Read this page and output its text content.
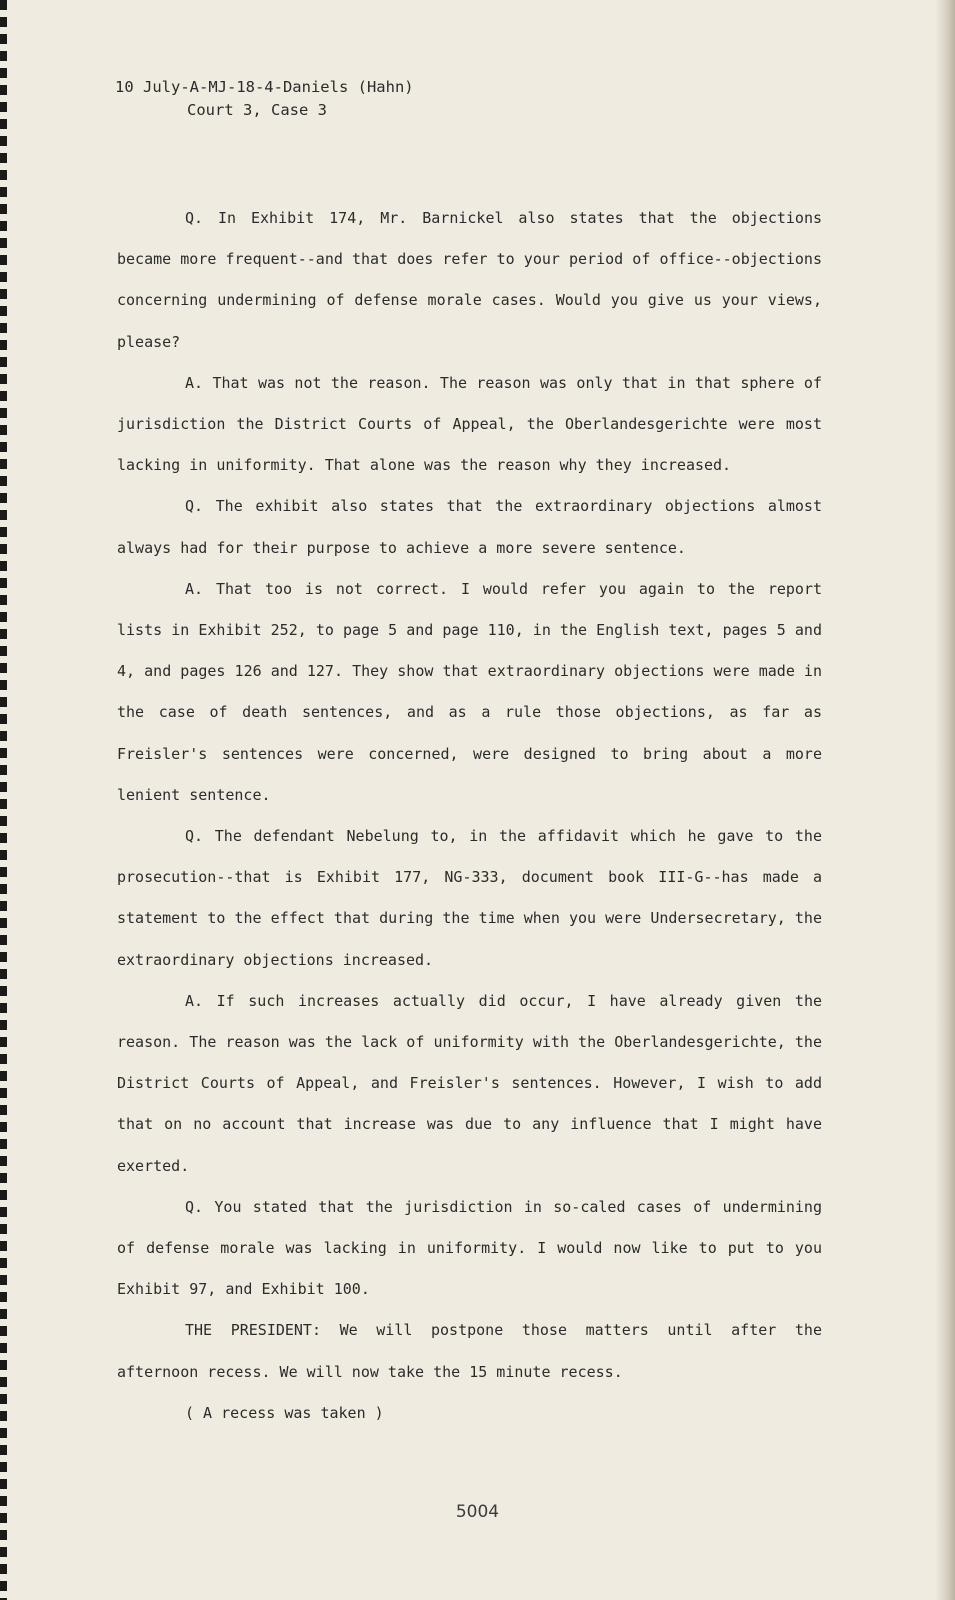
10 July-A-MJ-18-4-Daniels (Hahn)
Court 3, Case 3

Q. In Exhibit 174, Mr. Barnickel also states that the objections became more frequent--and that does refer to your period of office--objections concerning undermining of defense morale cases. Would you give us your views, please?

A. That was not the reason. The reason was only that in that sphere of jurisdiction the District Courts of Appeal, the Oberlandesgerichte were most lacking in uniformity. That alone was the reason why they increased.

Q. The exhibit also states that the extraordinary objections almost always had for their purpose to achieve a more severe sentence.

A. That too is not correct. I would refer you again to the report lists in Exhibit 252, to page 5 and page 110, in the English text, pages 5 and 4, and pages 126 and 127. They show that extraordinary objections were made in the case of death sentences, and as a rule those objections, as far as Freisler's sentences were concerned, were designed to bring about a more lenient sentence.

Q. The defendant Nebelung to, in the affidavit which he gave to the prosecution--that is Exhibit 177, NG-333, document book III-G--has made a statement to the effect that during the time when you were Undersecretary, the extraordinary objections increased.

A. If such increases actually did occur, I have already given the reason. The reason was the lack of uniformity with the Oberlandesgerichte, the District Courts of Appeal, and Freisler's sentences. However, I wish to add that on no account that increase was due to any influence that I might have exerted.

Q. You stated that the jurisdiction in so-caled cases of undermining of defense morale was lacking in uniformity. I would now like to put to you Exhibit 97, and Exhibit 100.

THE PRESIDENT: We will postpone those matters until after the afternoon recess. We will now take the 15 minute recess.

( A recess was taken )

5004
